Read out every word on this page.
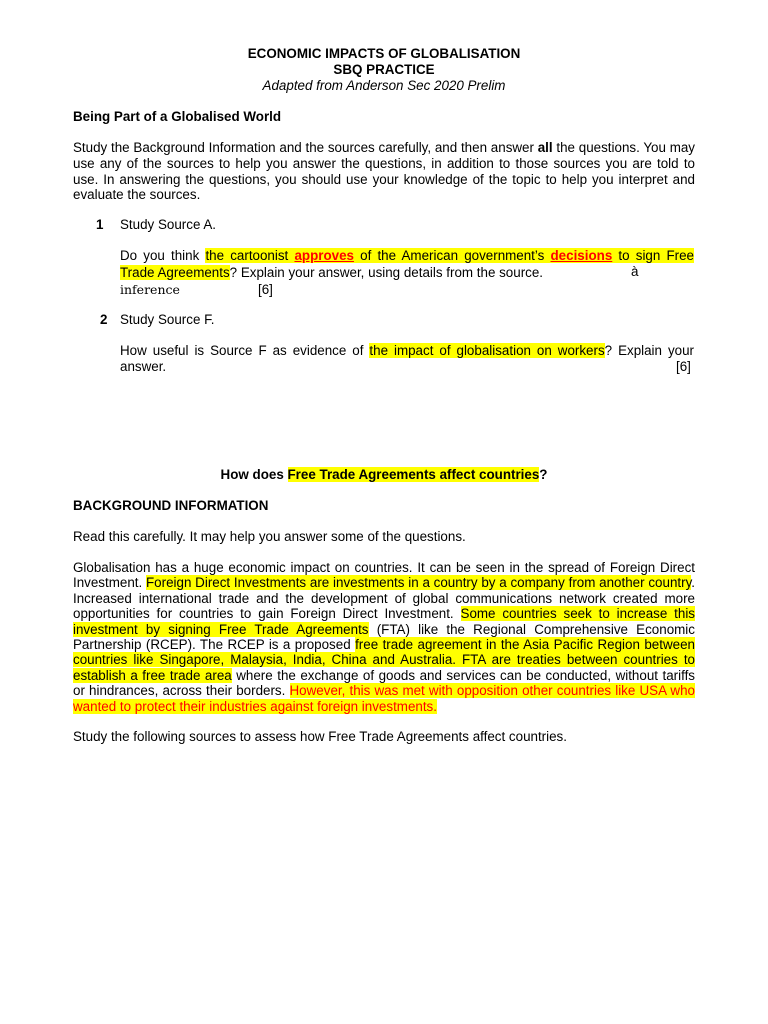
ECONOMIC IMPACTS OF GLOBALISATION
SBQ PRACTICE
Adapted from Anderson Sec 2020 Prelim
Being Part of a Globalised World
Study the Background Information and the sources carefully, and then answer all the questions. You may use any of the sources to help you answer the questions, in addition to those sources you are told to use. In answering the questions, you should use your knowledge of the topic to help you interpret and evaluate the sources.
1 Study Source A.
Do you think the cartoonist approves of the American government’s decisions to sign Free Trade Agreements? Explain your answer, using details from the source.	à
inference	[6]
2 Study Source F.
How useful is Source F as evidence of the impact of globalisation on workers? Explain your answer.	[6]
How does Free Trade Agreements affect countries?
BACKGROUND INFORMATION
Read this carefully. It may help you answer some of the questions.
Globalisation has a huge economic impact on countries. It can be seen in the spread of Foreign Direct Investment. Foreign Direct Investments are investments in a country by a company from another country. Increased international trade and the development of global communications network created more opportunities for countries to gain Foreign Direct Investment. Some countries seek to increase this investment by signing Free Trade Agreements (FTA) like the Regional Comprehensive Economic Partnership (RCEP). The RCEP is a proposed free trade agreement in the Asia Pacific Region between countries like Singapore, Malaysia, India, China and Australia. FTA are treaties between countries to establish a free trade area where the exchange of goods and services can be conducted, without tariffs or hindrances, across their borders. However, this was met with opposition other countries like USA who wanted to protect their industries against foreign investments.
Study the following sources to assess how Free Trade Agreements affect countries.
